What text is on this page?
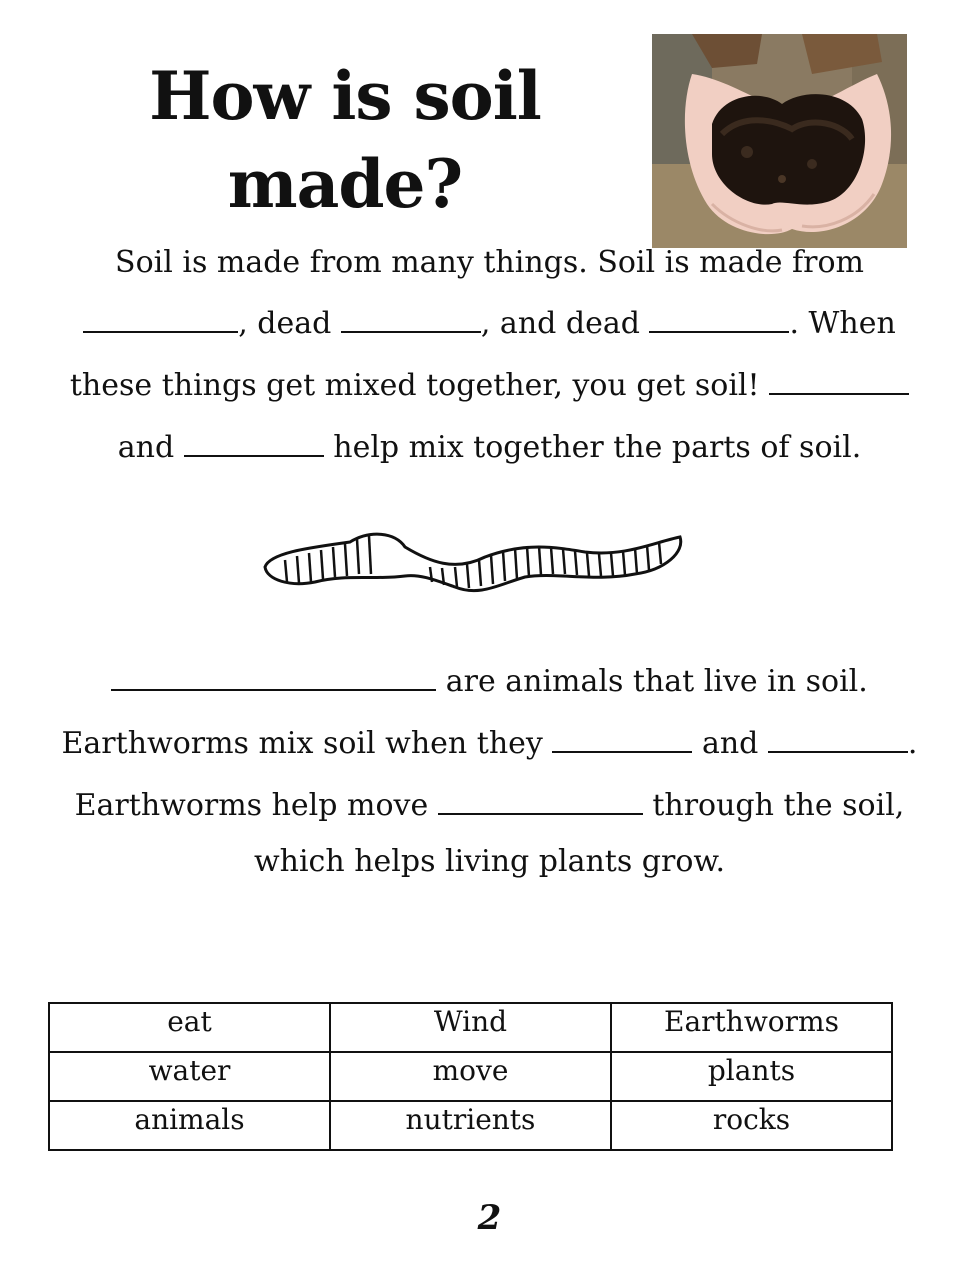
How is soil
made?
Soil is made from many things. Soil is made from
, dead	, and dead	. When
these things get mixed together, you get soil!
and	help mix together the parts of soil.
are animals that live in soil.
Earthworms mix soil when they	and	.
Earthworms help move	through the soil,
which helps living plants grow.
eat	Wind	Earthworms
water	move	plants
animals	nutrients	rocks
2
